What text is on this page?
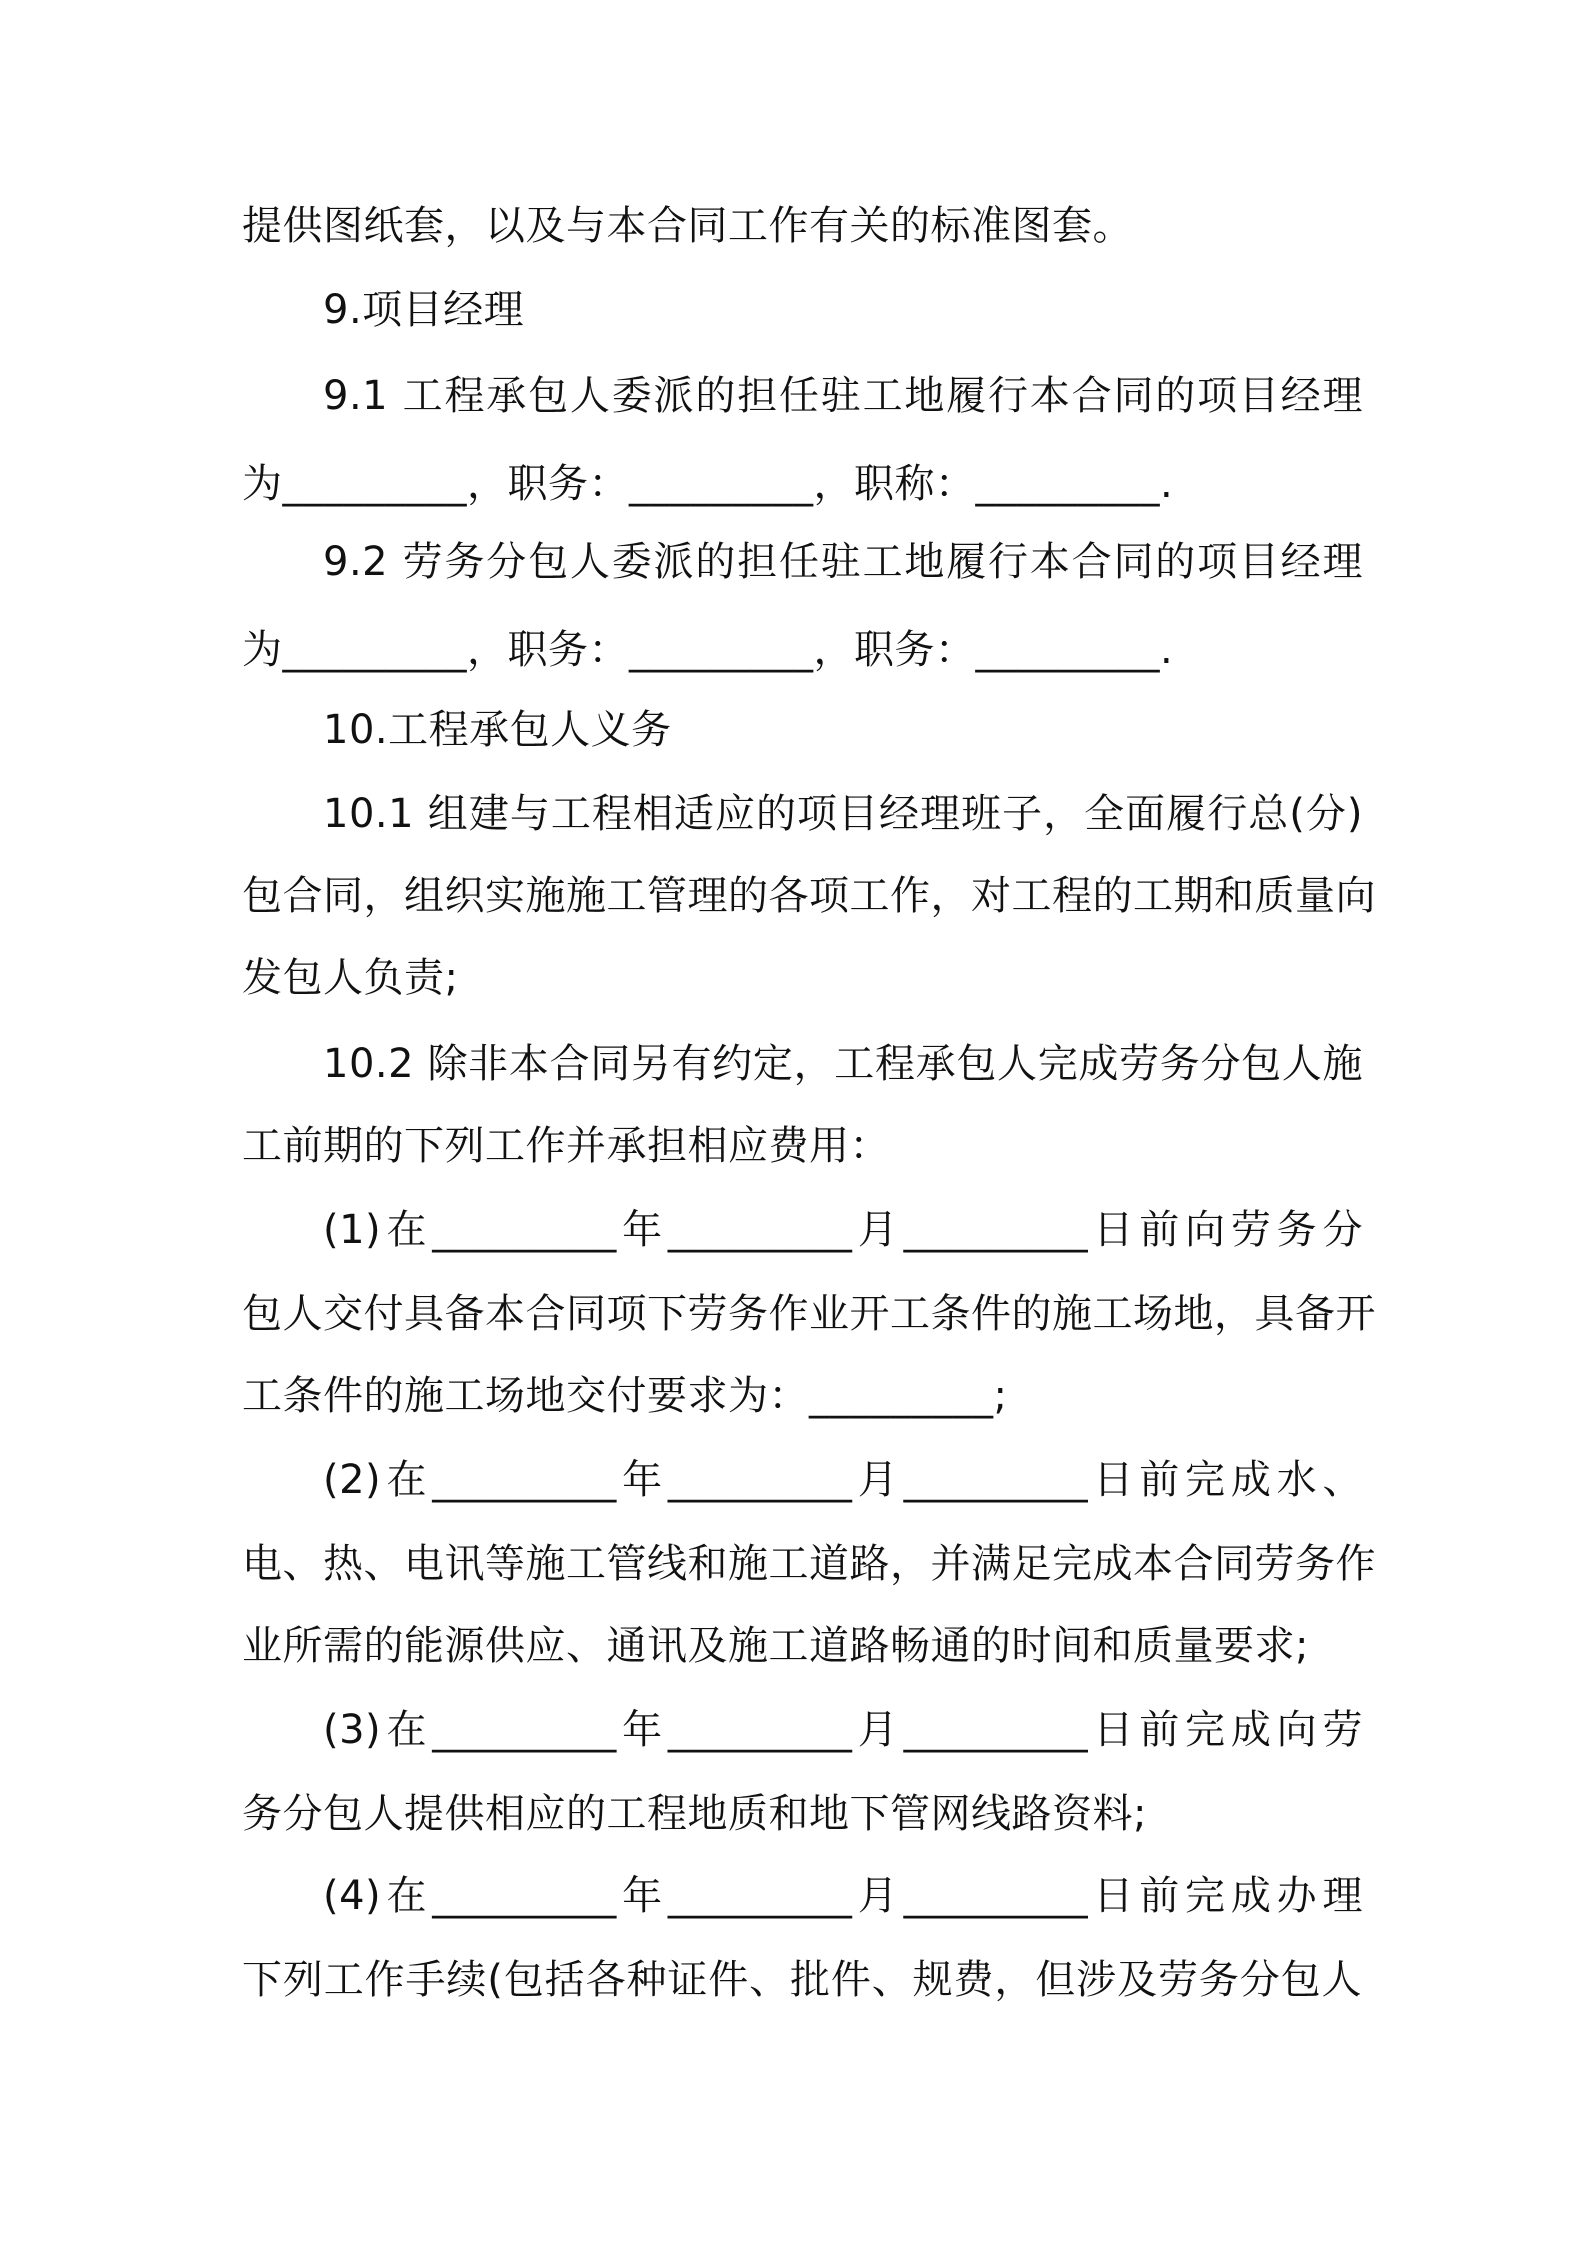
提供图纸套，以及与本合同工作有关的标准图套。
9.项目经理
9.1 工程承包人委派的担任驻工地履行本合同的项目经理
为_________，职务：_________，职称：_________.
9.2 劳务分包人委派的担任驻工地履行本合同的项目经理
为_________，职务：_________，职务：_________.
10.工程承包人义务
10.1 组建与工程相适应的项目经理班子，全面履行总(分)
包合同，组织实施施工管理的各项工作，对工程的工期和质量向
发包人负责;
10.2 除非本合同另有约定，工程承包人完成劳务分包人施
工前期的下列工作并承担相应费用：
(1)在_________年_________月_________日前向劳务分
包人交付具备本合同项下劳务作业开工条件的施工场地，具备开
工条件的施工场地交付要求为：_________;
(2)在_________年_________月_________日前完成水、
电、热、电讯等施工管线和施工道路，并满足完成本合同劳务作
业所需的能源供应、通讯及施工道路畅通的时间和质量要求;
(3)在_________年_________月_________日前完成向劳
务分包人提供相应的工程地质和地下管网线路资料;
(4)在_________年_________月_________日前完成办理
下列工作手续(包括各种证件、批件、规费，但涉及劳务分包人
